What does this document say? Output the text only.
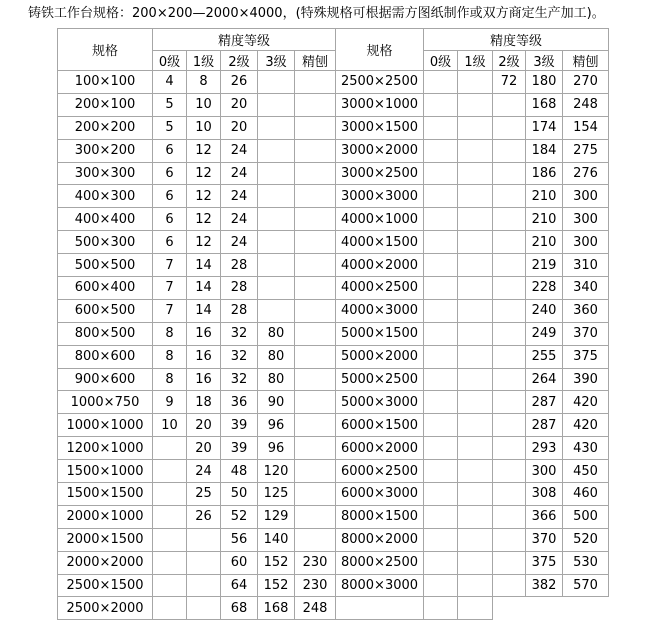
铸铁工作台规格：200×200—2000×4000，(特殊规格可根据需方图纸制作或双方商定生产加工)。
规格	精度等级					规格	精度等级				
	0级	1级	2级	3级	精刨		0级	1级	2级	3级	精刨
100×100	4	8	26			2500×2500			72	180	270
200×100	5	10	20			3000×1000				168	248
200×200	5	10	20			3000×1500				174	154
300×200	6	12	24			3000×2000				184	275
300×300	6	12	24			3000×2500				186	276
400×300	6	12	24			3000×3000				210	300
400×400	6	12	24			4000×1000				210	300
500×300	6	12	24			4000×1500				210	300
500×500	7	14	28			4000×2000				219	310
600×400	7	14	28			4000×2500				228	340
600×500	7	14	28			4000×3000				240	360
800×500	8	16	32	80		5000×1500				249	370
800×600	8	16	32	80		5000×2000				255	375
900×600	8	16	32	80		5000×2500				264	390
1000×750	9	18	36	90		5000×3000				287	420
1000×1000	10	20	39	96		6000×1500				287	420
1200×1000		20	39	96		6000×2000				293	430
1500×1000		24	48	120		6000×2500				300	450
1500×1500		25	50	125		6000×3000				308	460
2000×1000		26	52	129		8000×1500				366	500
2000×1500			56	140		8000×2000				370	520
2000×2000			60	152	230	8000×2500				375	530
2500×1500			64	152	230	8000×3000				382	570
2500×2000			68	168	248						
